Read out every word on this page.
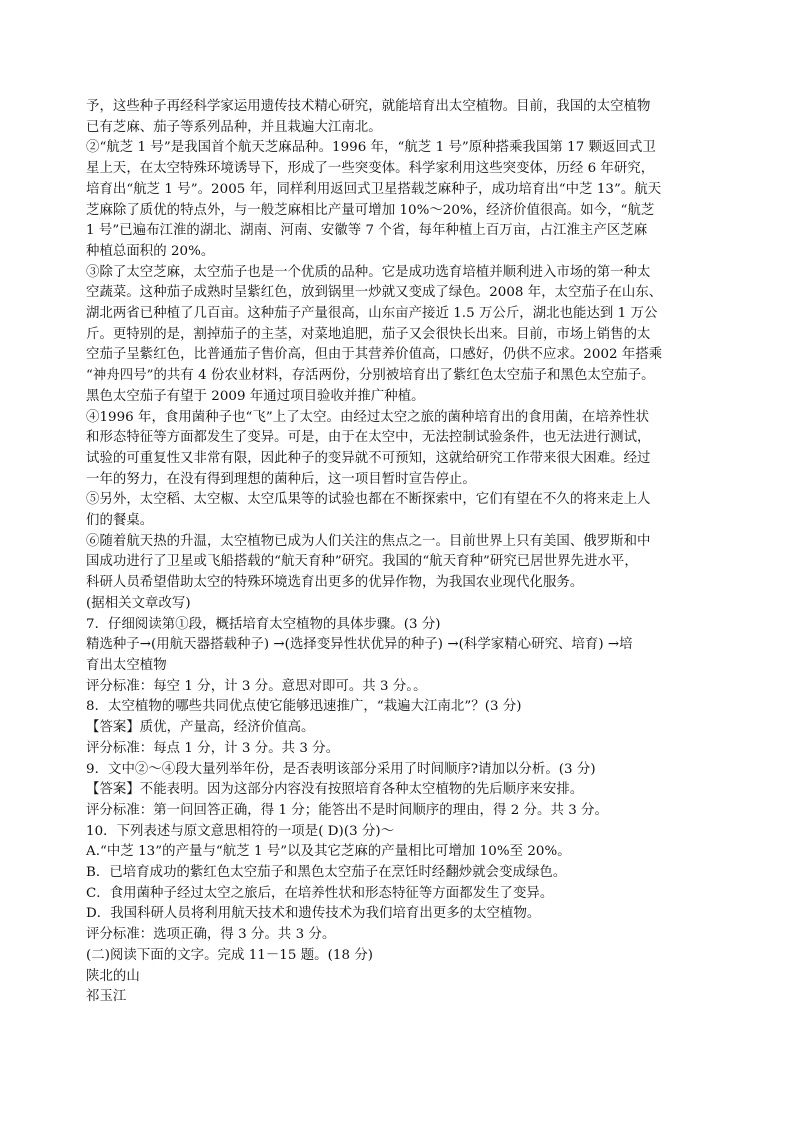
予，这些种子再经科学家运用遗传技术精心研究，就能培育出太空植物。目前，我国的太空植物
已有芝麻、茄子等系列品种，并且栽遍大江南北。
②“航芝 1 号”是我国首个航天芝麻品种。1996 年，“航芝 1 号”原种搭乘我国第 17 颗返回式卫
星上天，在太空特殊环境诱导下，形成了一些突变体。科学家利用这些突变体，历经 6 年研究，
培育出“航芝 1 号”。2005 年，同样利用返回式卫星搭载芝麻种子，成功培育出“中芝 13”。航天
芝麻除了质优的特点外，与一般芝麻相比产量可增加 10%～20%，经济价值很高。如今，“航芝
1 号”已遍布江淮的湖北、湖南、河南、安徽等 7 个省，每年种植上百万亩，占江淮主产区芝麻
种植总面积的 20%。
③除了太空芝麻，太空茄子也是一个优质的品种。它是成功选育培植并顺利进入市场的第一种太
空蔬菜。这种茄子成熟时呈紫红色，放到锅里一炒就又变成了绿色。2008 年，太空茄子在山东、
湖北两省已种植了几百亩。这种茄子产量很高，山东亩产接近 1.5 万公斤，湖北也能达到 1 万公
斤。更特别的是，割掉茄子的主茎，对菜地追肥，茄子又会很快长出来。目前，市场上销售的太
空茄子呈紫红色，比普通茄子售价高，但由于其营养价值高，口感好，仍供不应求。2002 年搭乘
“神舟四号”的共有 4 份农业材料，存活两份，分别被培育出了紫红色太空茄子和黑色太空茄子。
黑色太空茄子有望于 2009 年通过项目验收并推广种植。
④1996 年，食用菌种子也“飞”上了太空。由经过太空之旅的菌种培育出的食用菌，在培养性状
和形态特征等方面都发生了变异。可是，由于在太空中，无法控制试验条件，也无法进行测试，
试验的可重复性又非常有限，因此种子的变异就不可预知，这就给研究工作带来很大困难。经过
一年的努力，在没有得到理想的菌种后，这一项目暂时宣告停止。
⑤另外，太空稻、太空椒、太空瓜果等的试验也都在不断探索中，它们有望在不久的将来走上人
们的餐桌。
⑥随着航天热的升温，太空植物已成为人们关注的焦点之一。目前世界上只有美国、俄罗斯和中
国成功进行了卫星或飞船搭载的“航天育种”研究。我国的“航天育种”研究已居世界先进水平，
科研人员希望借助太空的特殊环境选育出更多的优异作物，为我国农业现代化服务。
(据相关文章改写)
7．仔细阅读第①段，概括培育太空植物的具体步骤。(3 分)
精选种子→(用航天器搭载种子) →(选择变异性状优异的种子) →(科学家精心研究、培育) →培
育出太空植物
评分标准：每空 1 分，计 3 分。意思对即可。共 3 分。。
8．太空植物的哪些共同优点使它能够迅速推广，“栽遍大江南北”？(3 分)
【答案】质优，产量高，经济价值高。
评分标准：每点 1 分，计 3 分。共 3 分。
9．文中②～④段大量列举年份，是否表明该部分采用了时间顺序?请加以分析。(3 分)
【答案】不能表明。因为这部分内容没有按照培育各种太空植物的先后顺序来安排。
评分标准：第一问回答正确，得 1 分；能答出不是时间顺序的理由，得 2 分。共 3 分。
10．下列表述与原文意思相符的一项是( D)(3 分)～
A.“中芝 13”的产量与“航芝 1 号”以及其它芝麻的产量相比可增加 10%至 20%。
B．已培育成功的紫红色太空茄子和黑色太空茄子在烹饪时经翻炒就会变成绿色。
C．食用菌种子经过太空之旅后，在培养性状和形态特征等方面都发生了变异。
D．我国科研人员将利用航天技术和遗传技术为我们培育出更多的太空植物。
评分标准：选项正确，得 3 分。共 3 分。
(二)阅读下面的文字。完成 11－15 题。(18 分)
陕北的山
祁玉江
